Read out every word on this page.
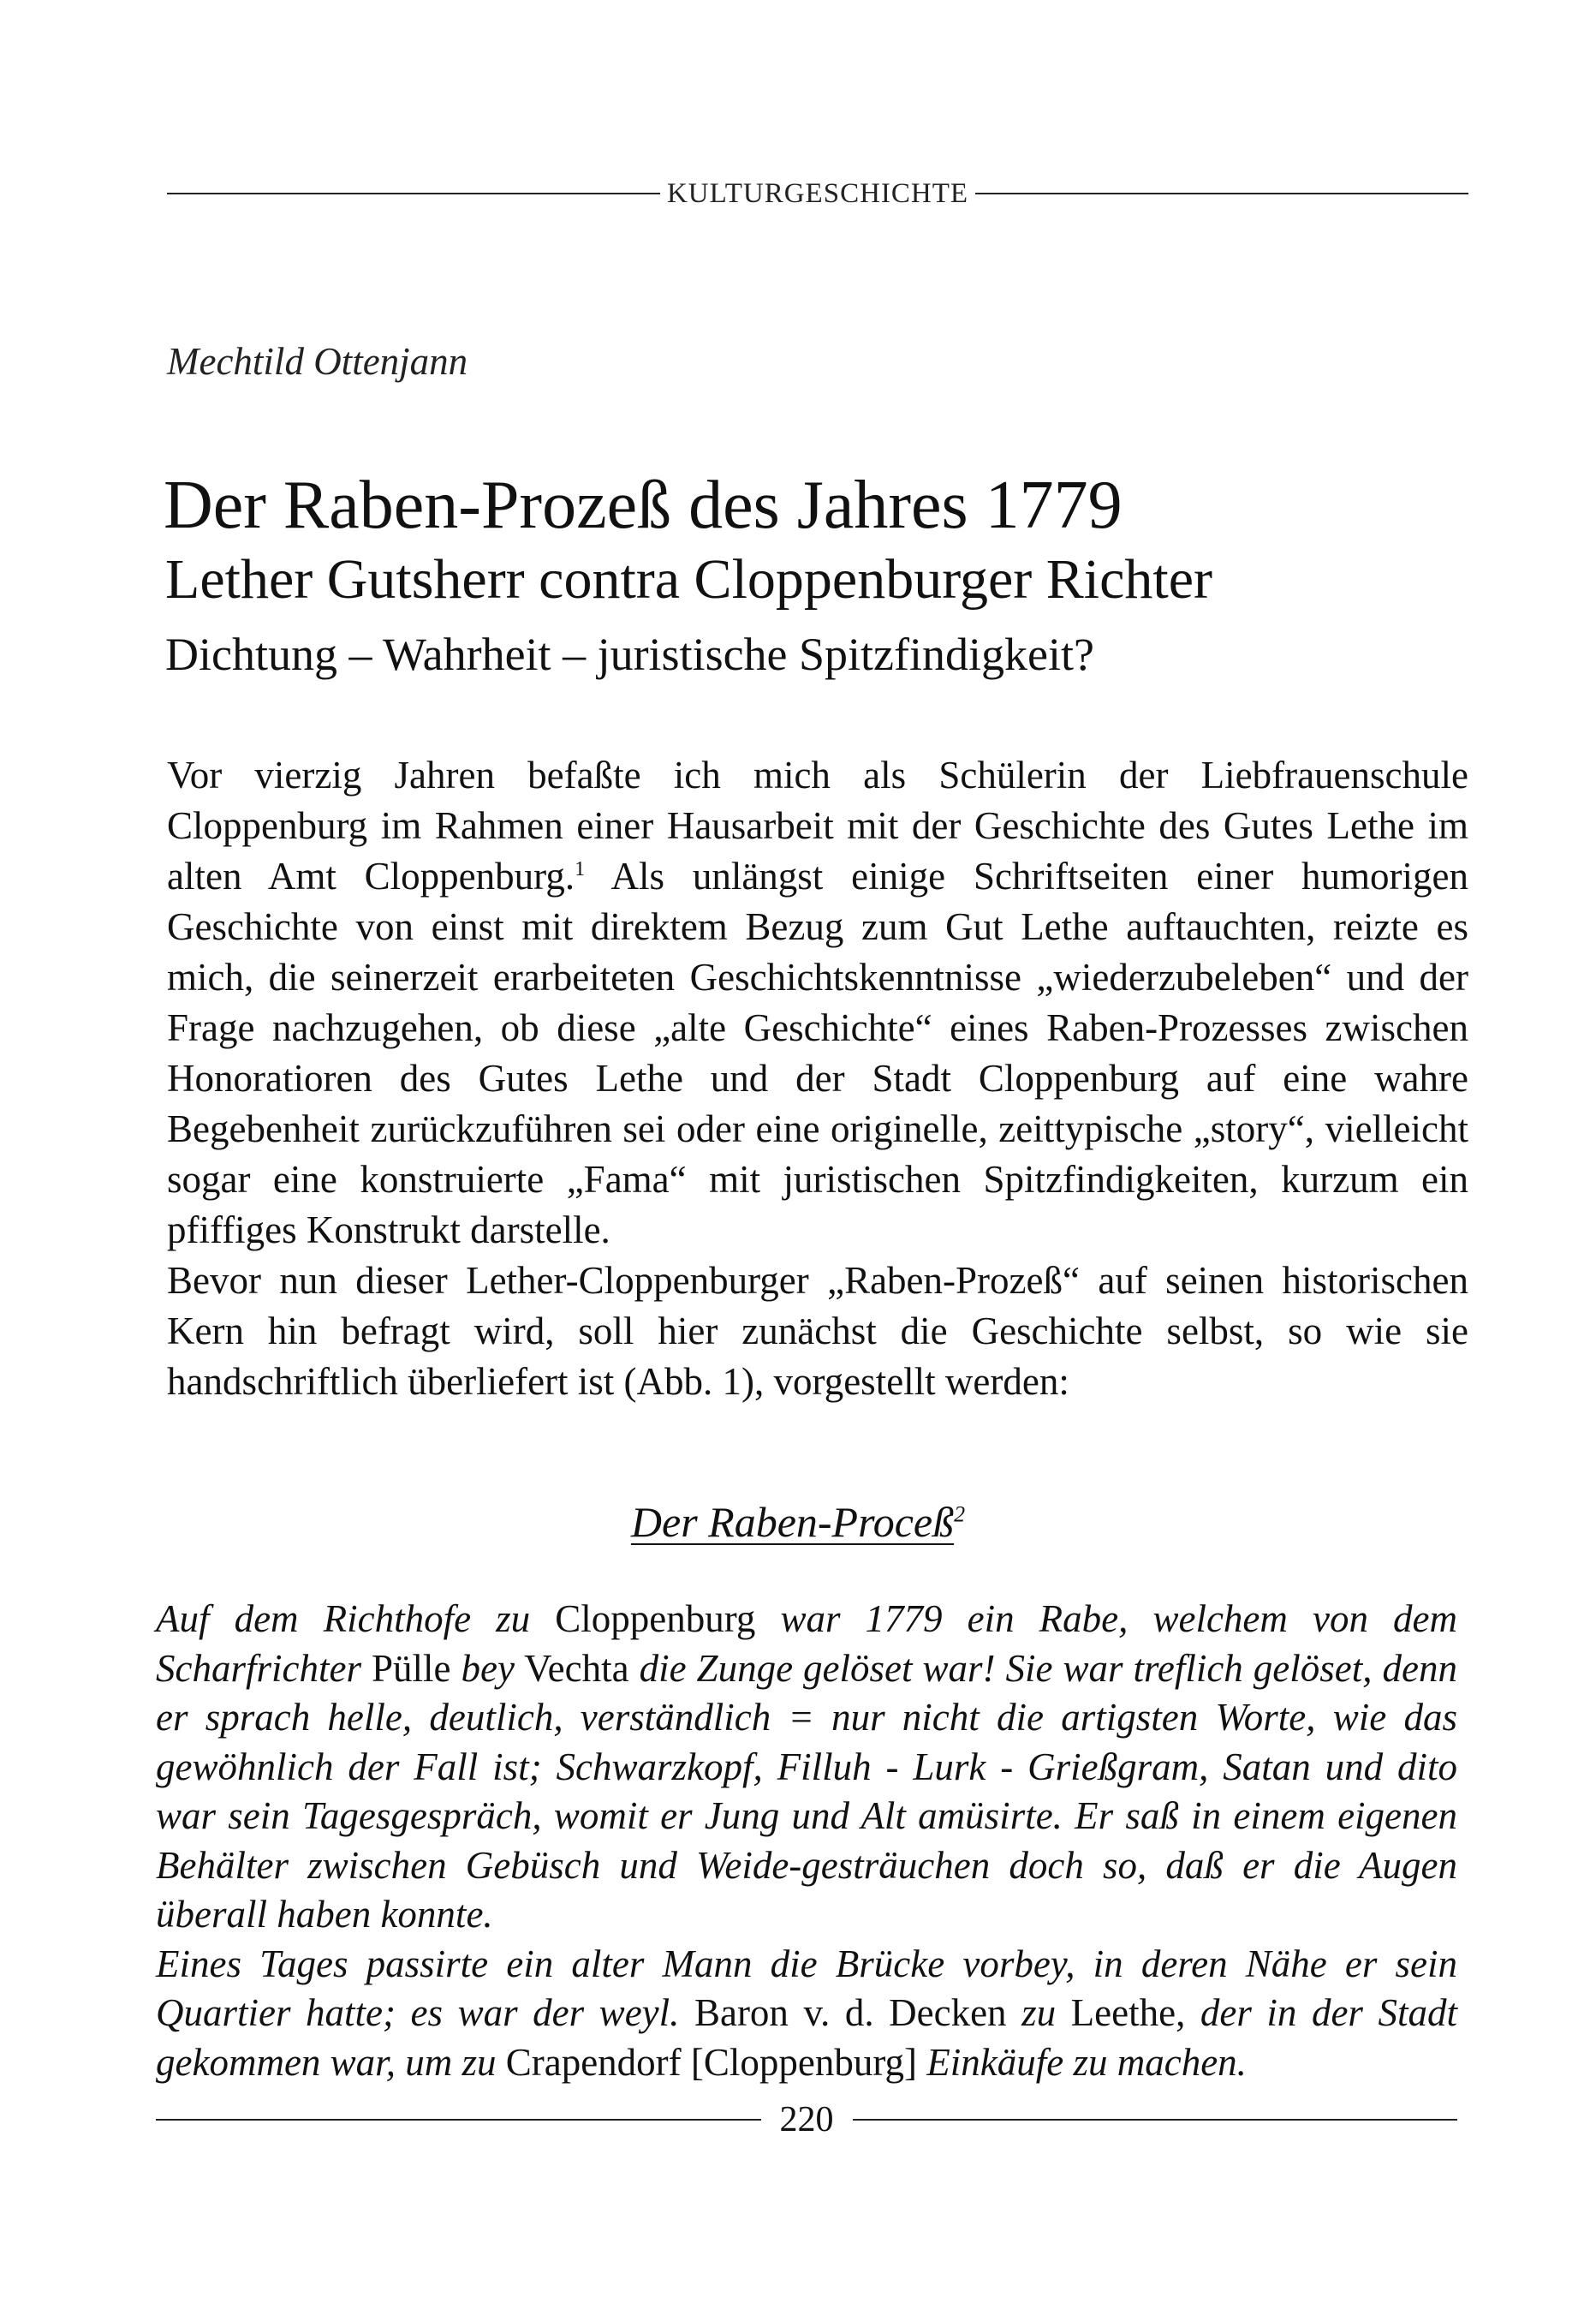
KULTURGESCHICHTE
Mechtild Ottenjann
Der Raben-Prozeß des Jahres 1779
Lether Gutsherr contra Cloppenburger Richter
Dichtung – Wahrheit – juristische Spitzfindigkeit?

Vor vierzig Jahren befaßte ich mich als Schülerin der Liebfrauenschule Cloppenburg im Rahmen einer Hausarbeit mit der Geschichte des Gutes Lethe im alten Amt Cloppenburg.$^1$ Als unlängst einige Schriftseiten einer humorigen Geschichte von einst mit direktem Bezug zum Gut Lethe auftauchten, reizte es mich, die seinerzeit erarbeiteten Geschichtskenntnisse „wiederzubeleben“ und der Frage nachzugehen, ob diese „alte Geschichte“ eines Raben-Prozesses zwischen Honoratioren des Gutes Lethe und der Stadt Cloppenburg auf eine wahre Begebenheit zurückzuführen sei oder eine originelle, zeittypische „story“, vielleicht sogar eine konstruierte „Fama“ mit juristischen Spitzfindigkeiten, kurzum ein pfiffiges Konstrukt darstelle.

Bevor nun dieser Lether-Cloppenburger „Raben-Prozeß“ auf seinen historischen Kern hin befragt wird, soll hier zunächst die Geschichte selbst, so wie sie handschriftlich überliefert ist (Abb. 1), vorgestellt werden:

Der Raben-Proceß$^2$

Auf dem Richthofe zu Cloppenburg war 1779 ein Rabe, welchem von dem Scharfrichter Pülle bey Vechta die Zunge gelöset war! Sie war treflich gelöset, denn er sprach helle, deutlich, verständlich = nur nicht die artigsten Worte, wie das gewöhnlich der Fall ist; Schwarzkopf, Filluh - Lurk - Grießgram, Satan und dito war sein Tagesgespräch, womit er Jung und Alt amüsirte. Er saß in einem eigenen Behälter zwischen Gebüsch und Weide-gesträuchen doch so, daß er die Augen überall haben konnte.

Eines Tages passirte ein alter Mann die Brücke vorbey, in deren Nähe er sein Quartier hatte; es war der weyl. Baron v. d. Decken zu Leethe, der in der Stadt gekommen war, um zu Crapendorf [Cloppenburg] Einkäufe zu machen.

220
